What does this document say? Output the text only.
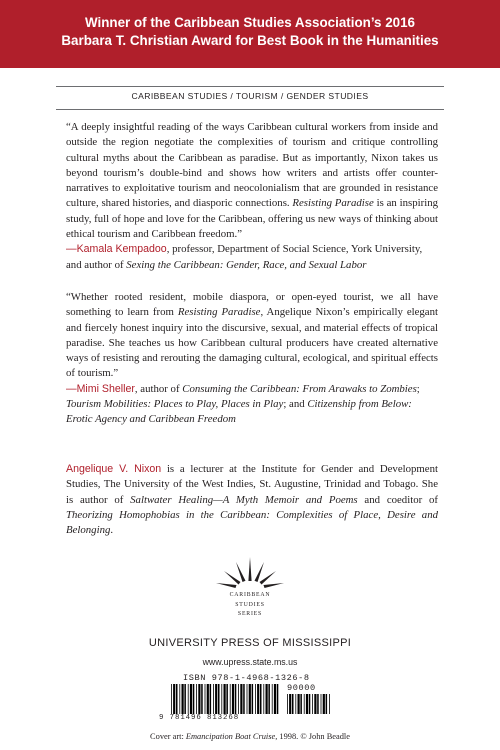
Winner of the Caribbean Studies Association’s 2016
Barbara T. Christian Award for Best Book in the Humanities
CARIBBEAN STUDIES / TOURISM / GENDER STUDIES

“A deeply insightful reading of the ways Caribbean cultural workers from inside and outside the region negotiate the complexities of tourism and critique controlling cultural myths about the Caribbean as paradise. But as importantly, Nixon takes us beyond tourism’s double-bind and shows how writers and artists offer counter-narratives to exploitative tourism and neocolonialism that are grounded in resistance culture, shared histories, and diasporic connections. Resisting Paradise is an inspiring study, full of hope and love for the Caribbean, offering us new ways of thinking about ethical tourism and Caribbean freedom.”

—Kamala Kempadoo, professor, Department of Social Science, York University, and author of Sexing the Caribbean: Gender, Race, and Sexual Labor

“Whether rooted resident, mobile diaspora, or open-eyed tourist, we all have something to learn from Resisting Paradise, Angelique Nixon’s empirically elegant and fiercely honest inquiry into the discursive, sexual, and material effects of tropical paradise. She teaches us how Caribbean cultural producers have created alternative ways of resisting and rerouting the damaging cultural, ecological, and spiritual effects of tourism.”

—Mimi Sheller, author of Consuming the Caribbean: From Arawaks to Zombies; Tourism Mobilities: Places to Play, Places in Play; and Citizenship from Below: Erotic Agency and Caribbean Freedom

Angelique V. Nixon is a lecturer at the Institute for Gender and Development Studies, The University of the West Indies, St. Augustine, Trinidad and Tobago. She is author of Saltwater Healing—A Myth Memoir and Poems and coeditor of Theorizing Homophobias in the Caribbean: Complexities of Place, Desire and Belonging.

CARIBBEAN
STUDIES
SERIES
UNIVERSITY PRESS OF MISSISSIPPI
www.upress.state.ms.us
ISBN 978-1-4968-1326-8
90000
9 781496 813268
Cover art: Emancipation Boat Cruise, 1998. © John Beadle
